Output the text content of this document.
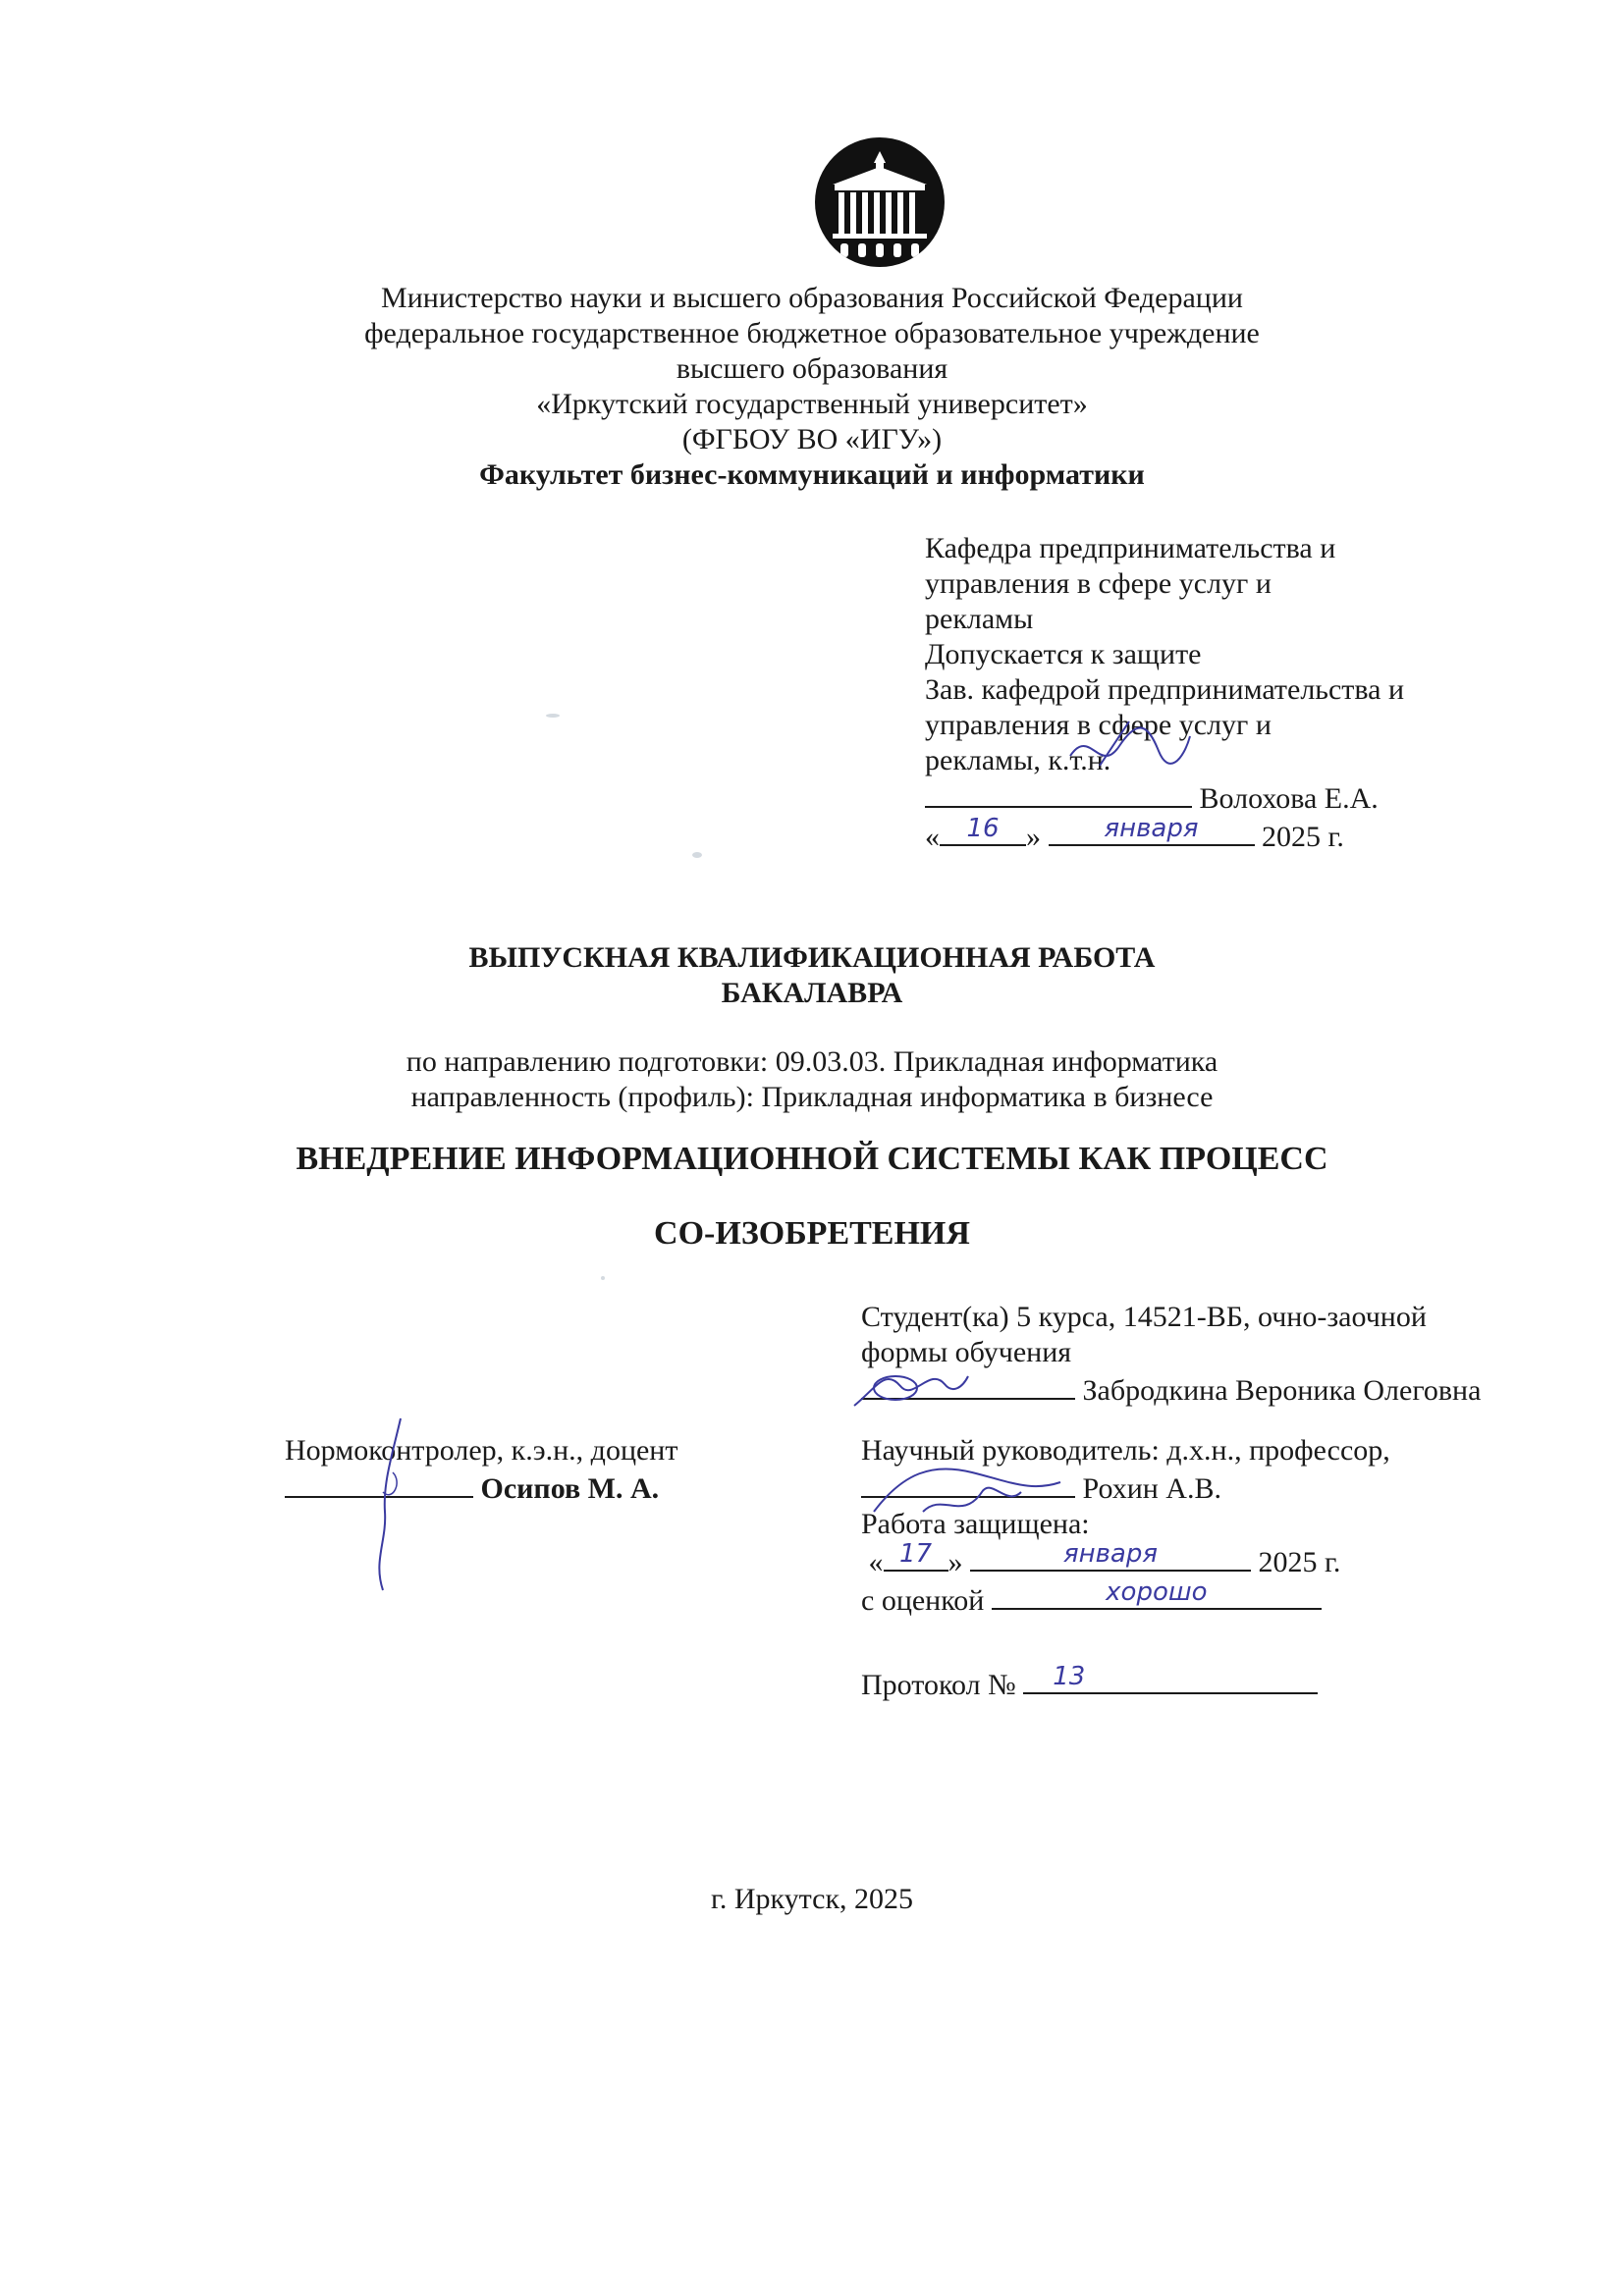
Министерство науки и высшего образования Российской Федерации
федеральное государственное бюджетное образовательное учреждение
высшего образования
«Иркутский государственный университет»
(ФГБОУ ВО «ИГУ»)
Факультет бизнес-коммуникаций и информатики
Кафедра предпринимательства и
управления в сфере услуг и
рекламы
Допускается к защите
Зав. кафедрой предпринимательства и
управления в сфере услуг и
рекламы, к.т.н.
Волохова Е.А.
«	16 »	января	2025 г.
ВЫПУСКНАЯ КВАЛИФИКАЦИОННАЯ РАБОТА
БАКАЛАВРА
по направлению подготовки: 09.03.03. Прикладная информатика
направленность (профиль): Прикладная информатика в бизнесе
ВНЕДРЕНИЕ ИНФОРМАЦИОННОЙ СИСТЕМЫ КАК ПРОЦЕСС
СО-ИЗОБРЕТЕНИЯ
Студент(ка) 5 курса, 14521-ВБ, очно-заочной
формы обучения
Забродкина Вероника Олеговна
Нормоконтролер, к.э.н., доцент
Осипов М. А.
Научный руководитель: д.х.н., профессор,
Рохин А.В.
Работа защищена:
« 17 »	января	2025 г.
с оценкой	хорошо
Протокол №	13
г. Иркутск, 2025
